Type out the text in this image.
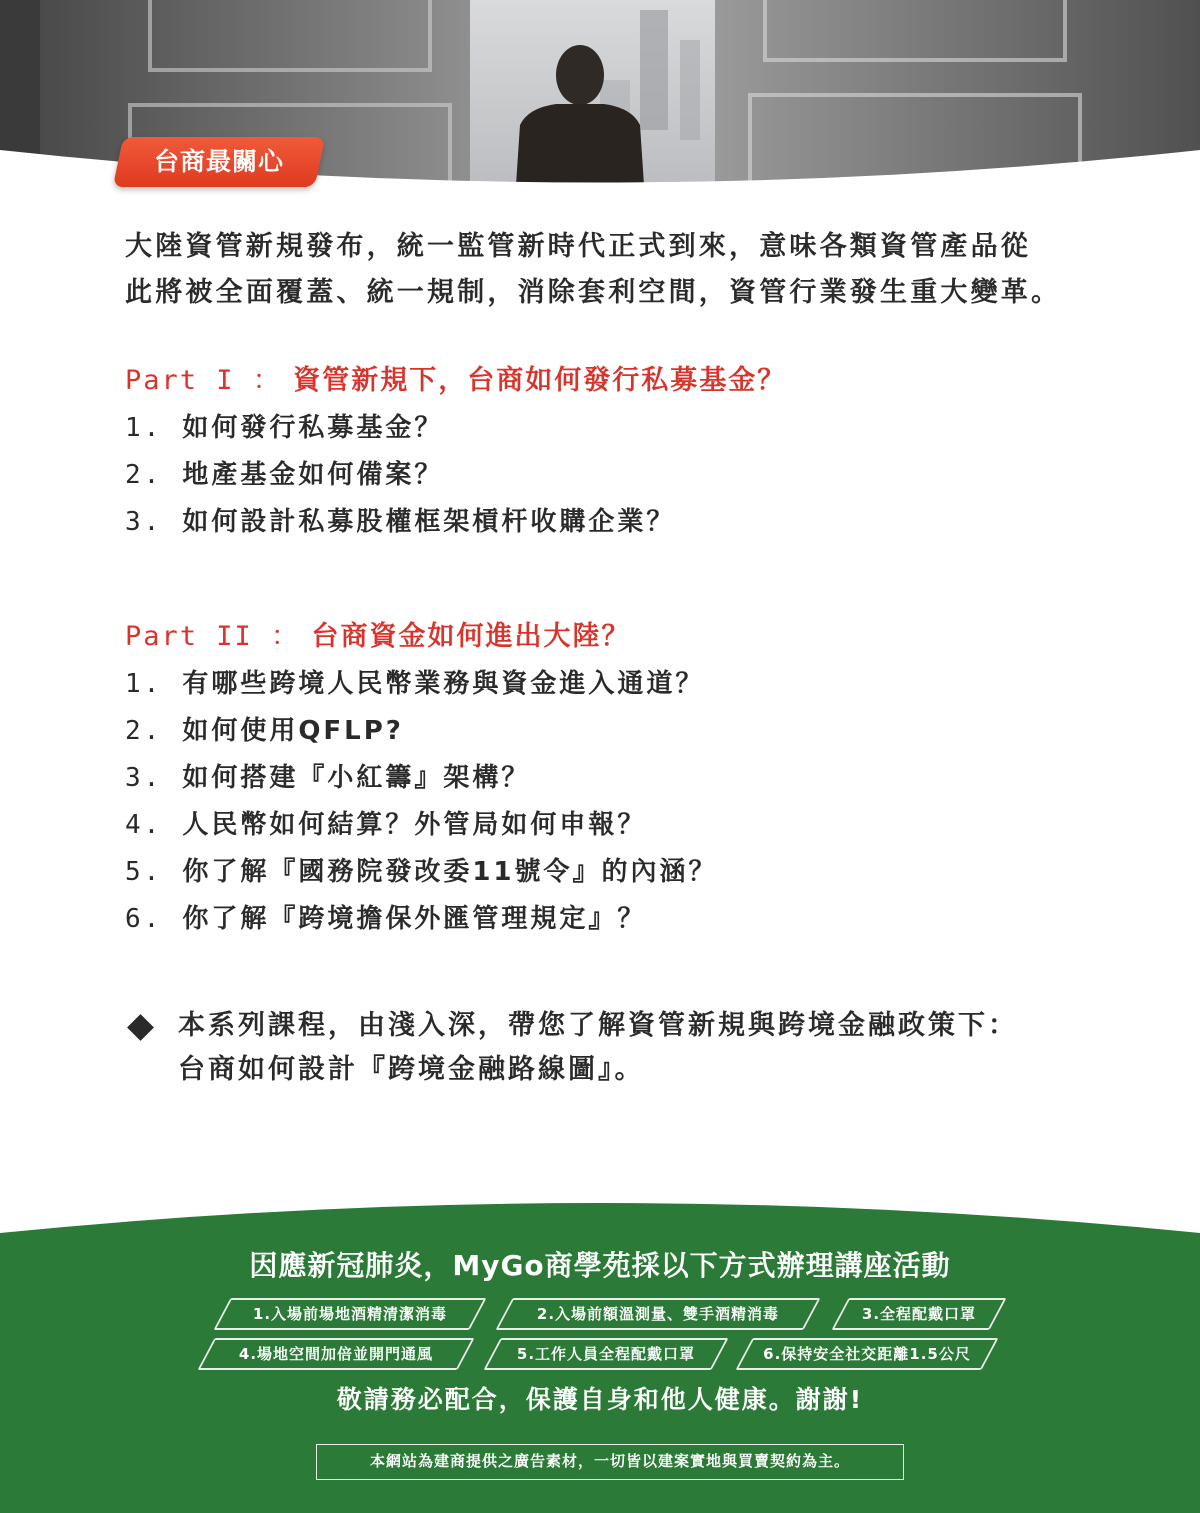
台商最關心
大陸資管新規發布，統一監管新時代正式到來，意味各類資管產品從
此將被全面覆蓋、統一規制，消除套利空間，資管行業發生重大變革。
Part I ： 資管新規下，台商如何發行私募基金？
1. 如何發行私募基金？
2. 地產基金如何備案？
3. 如何設計私募股權框架槓杆收購企業？
Part II ： 台商資金如何進出大陸？
1. 有哪些跨境人民幣業務與資金進入通道？
2. 如何使用QFLP?
3. 如何搭建『小紅籌』架構？
4. 人民幣如何結算？外管局如何申報？
5. 你了解『國務院發改委11號令』的內涵？
6. 你了解『跨境擔保外匯管理規定』？
本系列課程，由淺入深，帶您了解資管新規與跨境金融政策下：
台商如何設計『跨境金融路線圖』。
因應新冠肺炎，MyGo商學苑採以下方式辦理講座活動
1.入場前場地酒精清潔消毒	2.入場前額溫測量、雙手酒精消毒	3.全程配戴口罩
4.場地空間加倍並開門通風	5.工作人員全程配戴口罩	6.保持安全社交距離1.5公尺
敬請務必配合，保護自身和他人健康。謝謝!
本網站為建商提供之廣告素材，一切皆以建案實地與買賣契約為主。
